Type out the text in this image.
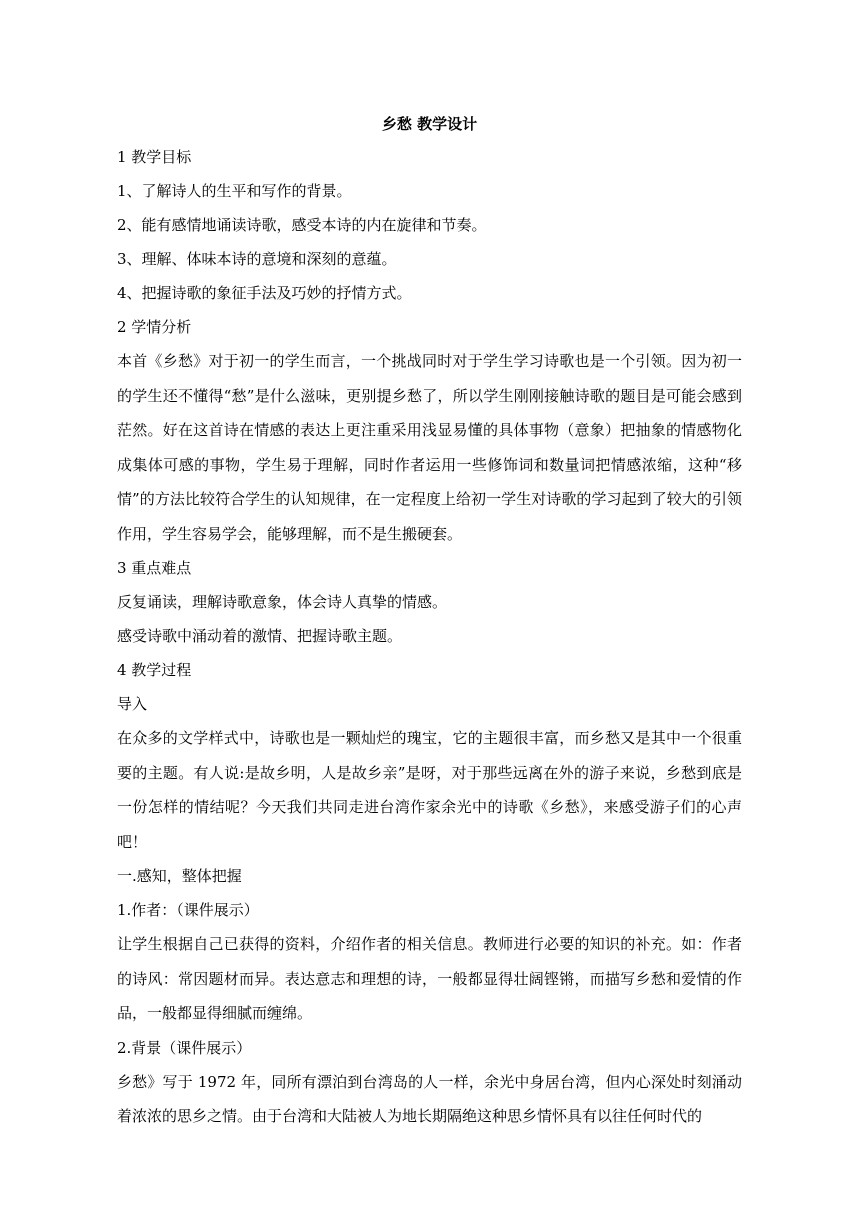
乡愁 教学设计

1 教学目标

1、了解诗人的生平和写作的背景。

2、能有感情地诵读诗歌，感受本诗的内在旋律和节奏。

3、理解、体味本诗的意境和深刻的意蕴。

4、把握诗歌的象征手法及巧妙的抒情方式。

2 学情分析

本首《乡愁》对于初一的学生而言，一个挑战同时对于学生学习诗歌也是一个引领。因为初一的学生还不懂得“愁”是什么滋味，更别提乡愁了，所以学生刚刚接触诗歌的题目是可能会感到茫然。好在这首诗在情感的表达上更注重采用浅显易懂的具体事物（意象）把抽象的情感物化成集体可感的事物，学生易于理解，同时作者运用一些修饰词和数量词把情感浓缩，这种“移情”的方法比较符合学生的认知规律，在一定程度上给初一学生对诗歌的学习起到了较大的引领作用，学生容易学会，能够理解，而不是生搬硬套。

3 重点难点

反复诵读，理解诗歌意象，体会诗人真挚的情感。

感受诗歌中涌动着的激情、把握诗歌主题。

4 教学过程

导入

在众多的文学样式中，诗歌也是一颗灿烂的瑰宝，它的主题很丰富，而乡愁又是其中一个很重要的主题。有人说:是故乡明，人是故乡亲”是呀，对于那些远离在外的游子来说，乡愁到底是一份怎样的情结呢？今天我们共同走进台湾作家余光中的诗歌《乡愁》，来感受游子们的心声吧！

一.感知，整体把握

1.作者：（课件展示）

让学生根据自己已获得的资料，介绍作者的相关信息。教师进行必要的知识的补充。如：作者的诗风：常因题材而异。表达意志和理想的诗，一般都显得壮阔铿锵，而描写乡愁和爱情的作品，一般都显得细腻而缠绵。

2.背景（课件展示）

乡愁》写于 1972 年，同所有漂泊到台湾岛的人一样，余光中身居台湾，但内心深处时刻涌动着浓浓的思乡之情。由于台湾和大陆被人为地长期隔绝这种思乡情怀具有以往任何时代的
